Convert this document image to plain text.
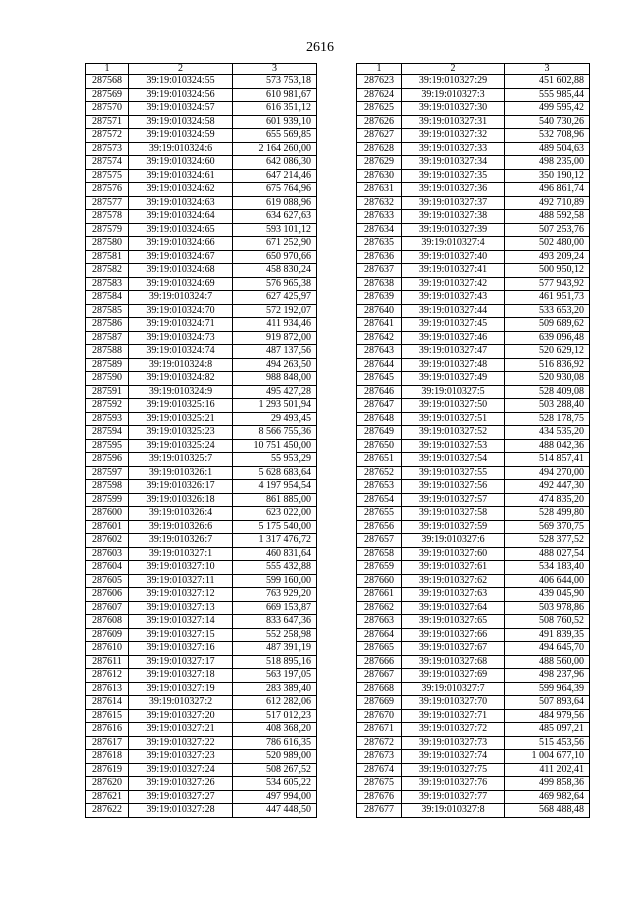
2616
1	2	3
287568	39:19:010324:55	573 753,18
287569	39:19:010324:56	610 981,67
287570	39:19:010324:57	616 351,12
287571	39:19:010324:58	601 939,10
287572	39:19:010324:59	655 569,85
287573	39:19:010324:6	2 164 260,00
287574	39:19:010324:60	642 086,30
287575	39:19:010324:61	647 214,46
287576	39:19:010324:62	675 764,96
287577	39:19:010324:63	619 088,96
287578	39:19:010324:64	634 627,63
287579	39:19:010324:65	593 101,12
287580	39:19:010324:66	671 252,90
287581	39:19:010324:67	650 970,66
287582	39:19:010324:68	458 830,24
287583	39:19:010324:69	576 965,38
287584	39:19:010324:7	627 425,97
287585	39:19:010324:70	572 192,07
287586	39:19:010324:71	411 934,46
287587	39:19:010324:73	919 872,00
287588	39:19:010324:74	487 137,56
287589	39:19:010324:8	494 263,50
287590	39:19:010324:82	988 848,00
287591	39:19:010324:9	495 427,28
287592	39:19:010325:16	1 293 501,94
287593	39:19:010325:21	29 493,45
287594	39:19:010325:23	8 566 755,36
287595	39:19:010325:24	10 751 450,00
287596	39:19:010325:7	55 953,29
287597	39:19:010326:1	5 628 683,64
287598	39:19:010326:17	4 197 954,54
287599	39:19:010326:18	861 885,00
287600	39:19:010326:4	623 022,00
287601	39:19:010326:6	5 175 540,00
287602	39:19:010326:7	1 317 476,72
287603	39:19:010327:1	460 831,64
287604	39:19:010327:10	555 432,88
287605	39:19:010327:11	599 160,00
287606	39:19:010327:12	763 929,20
287607	39:19:010327:13	669 153,87
287608	39:19:010327:14	833 647,36
287609	39:19:010327:15	552 258,98
287610	39:19:010327:16	487 391,19
287611	39:19:010327:17	518 895,16
287612	39:19:010327:18	563 197,05
287613	39:19:010327:19	283 389,40
287614	39:19:010327:2	612 282,06
287615	39:19:010327:20	517 012,23
287616	39:19:010327:21	408 368,20
287617	39:19:010327:22	786 616,35
287618	39:19:010327:23	520 989,00
287619	39:19:010327:24	508 267,52
287620	39:19:010327:26	534 605,22
287621	39:19:010327:27	497 994,00
287622	39:19:010327:28	447 448,50
1	2	3
287623	39:19:010327:29	451 602,88
287624	39:19:010327:3	555 985,44
287625	39:19:010327:30	499 595,42
287626	39:19:010327:31	540 730,26
287627	39:19:010327:32	532 708,96
287628	39:19:010327:33	489 504,63
287629	39:19:010327:34	498 235,00
287630	39:19:010327:35	350 190,12
287631	39:19:010327:36	496 861,74
287632	39:19:010327:37	492 710,89
287633	39:19:010327:38	488 592,58
287634	39:19:010327:39	507 253,76
287635	39:19:010327:4	502 480,00
287636	39:19:010327:40	493 209,24
287637	39:19:010327:41	500 950,12
287638	39:19:010327:42	577 943,92
287639	39:19:010327:43	461 951,73
287640	39:19:010327:44	533 653,20
287641	39:19:010327:45	509 689,62
287642	39:19:010327:46	639 096,48
287643	39:19:010327:47	520 629,12
287644	39:19:010327:48	516 836,92
287645	39:19:010327:49	520 930,08
287646	39:19:010327:5	528 409,08
287647	39:19:010327:50	503 288,40
287648	39:19:010327:51	528 178,75
287649	39:19:010327:52	434 535,20
287650	39:19:010327:53	488 042,36
287651	39:19:010327:54	514 857,41
287652	39:19:010327:55	494 270,00
287653	39:19:010327:56	492 447,30
287654	39:19:010327:57	474 835,20
287655	39:19:010327:58	528 499,80
287656	39:19:010327:59	569 370,75
287657	39:19:010327:6	528 377,52
287658	39:19:010327:60	488 027,54
287659	39:19:010327:61	534 183,40
287660	39:19:010327:62	406 644,00
287661	39:19:010327:63	439 045,90
287662	39:19:010327:64	503 978,86
287663	39:19:010327:65	508 760,52
287664	39:19:010327:66	491 839,35
287665	39:19:010327:67	494 645,70
287666	39:19:010327:68	488 560,00
287667	39:19:010327:69	498 237,96
287668	39:19:010327:7	599 964,39
287669	39:19:010327:70	507 893,64
287670	39:19:010327:71	484 979,56
287671	39:19:010327:72	485 097,21
287672	39:19:010327:73	515 453,56
287673	39:19:010327:74	1 004 677,10
287674	39:19:010327:75	411 202,41
287675	39:19:010327:76	499 858,36
287676	39:19:010327:77	469 982,64
287677	39:19:010327:8	568 488,48
